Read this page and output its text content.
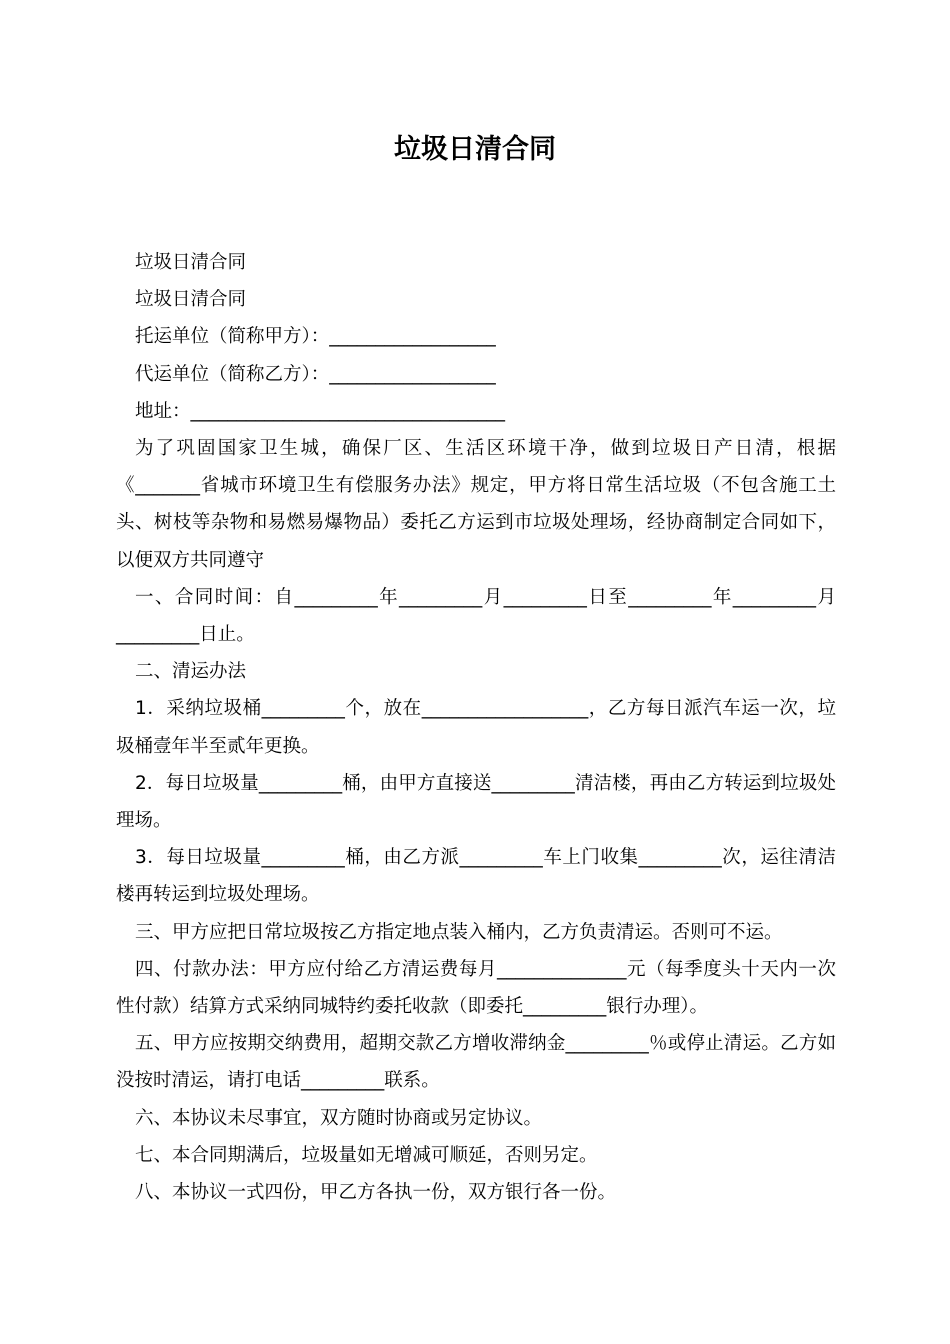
垃圾日清合同

垃圾日清合同

垃圾日清合同

托运单位（简称甲方）：__________________

代运单位（简称乙方）：__________________

地址：__________________________________

为了巩固国家卫生城，确保厂区、生活区环境干净，做到垃圾日产日清，根据《_______省城市环境卫生有偿服务办法》规定，甲方将日常生活垃圾（不包含施工土头、树枝等杂物和易燃易爆物品）委托乙方运到市垃圾处理场，经协商制定合同如下，以便双方共同遵守

一、合同时间：自_________年_________月_________日至_________年_________月_________日止。

二、清运办法

1．采纳垃圾桶_________个，放在__________________，乙方每日派汽车运一次，垃圾桶壹年半至贰年更换。

2．每日垃圾量_________桶，由甲方直接送_________清洁楼，再由乙方转运到垃圾处理场。

3．每日垃圾量_________桶，由乙方派_________车上门收集_________次，运往清洁楼再转运到垃圾处理场。

三、甲方应把日常垃圾按乙方指定地点装入桶内，乙方负责清运。否则可不运。

四、付款办法：甲方应付给乙方清运费每月______________元（每季度头十天内一次性付款）结算方式采纳同城特约委托收款（即委托_________银行办理）。

五、甲方应按期交纳费用，超期交款乙方增收滞纳金_________％或停止清运。乙方如没按时清运，请打电话_________联系。

六、本协议未尽事宜，双方随时协商或另定协议。

七、本合同期满后，垃圾量如无增减可顺延，否则另定。

八、本协议一式四份，甲乙方各执一份，双方银行各一份。
